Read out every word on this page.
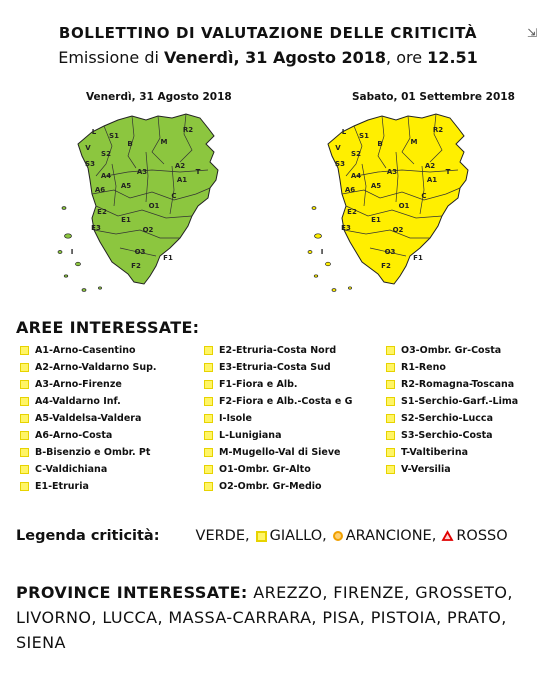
BOLLETTINO DI VALUTAZIONE DELLE CRITICITÀ
Emissione di Venerdì, 31 Agosto 2018, ore 12.51
⇲
Venerdì, 31 Agosto 2018	Sabato, 01 Settembre 2018
V
L
S2
S3
S1
M
R2
A2
B
A1
A4	A3
A6 A5
C
E2
T
E3
O1
E1
O2
O3
F2
F1
I
V
L
S2
S3
S1
M
R2
A2
B
A1
A4	A3
A6 A5
C
E2
T
E3
O1
E1
O2
O3
F2
F1
I
AREE INTERESSATE:
A1-Arno-Casentino
A2-Arno-Valdarno Sup.
A3-Arno-Firenze
A4-Valdarno Inf.
A5-Valdelsa-Valdera
A6-Arno-Costa
B-Bisenzio e Ombr. Pt
C-Valdichiana
E1-Etruria
E2-Etruria-Costa Nord
E3-Etruria-Costa Sud
F1-Fiora e Alb.
F2-Fiora e Alb.-Costa e G
I-Isole
L-Lunigiana
M-Mugello-Val di Sieve
O1-Ombr. Gr-Alto
O2-Ombr. Gr-Medio
O3-Ombr. Gr-Costa
R1-Reno
R2-Romagna-Toscana
S1-Serchio-Garf.-Lima
S2-Serchio-Lucca
S3-Serchio-Costa
T-Valtiberina
V-Versilia
Legenda criticità: VERDE, GIALLO, ARANCIONE, ROSSO
PROVINCE INTERESSATE: AREZZO, FIRENZE, GROSSETO, LIVORNO, LUCCA, MASSA-CARRARA, PISA, PISTOIA, PRATO, SIENA
